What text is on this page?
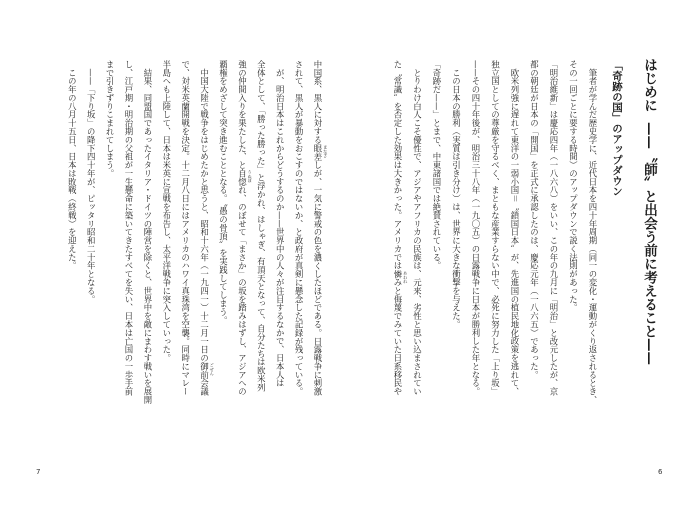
7
中国系、黒人に対する眼差 まなざ
しが、一気に警戒の色を濃くしたほどである。日露戦争に刺激
されて、黒人が暴動をおこすのではないか、と政府が真剣に懸念した記録が残っている。
　が、明治日本はこれからどうするのか——世界中の人々が注目するなかで、日本人は
全体として、「勝った勝った」と浮かれ、はしゃぎ、有頂天となって、自分たちは欧米列
強の仲間入りを果たした、と自惚 うぬぼ
れ、のぼせて「まさか」の坂を踏みはずし、アジアへの
覇権をめざして突き進むこととなる。〝愚の骨頂〟を実践してしまう。
　中国大陸で戦争をはじめたかと思うと、昭和十六年（一九四一）十二月一日の御前 ごぜん
会議
で、対米英蘭開戦を決定。十二月八日にはアメリカのハワイ真珠湾を空襲。同時にマレー
半島へも上陸して、日本は米英に宣戦を布告し、太平洋戦争に突入していった。
　結果、同盟国であったイタリア・ドイツの陣営を除くと、世界中を敵にまわす戦いを展開
し、江戸期・明治期の父祖が一生懸命に築いてきたすべてを失い、日本は亡国の一歩手前
まで引きずりこまれてしまう。
　——「下り坂」の降下四十年が、ピッタリ昭和二十年となる。
　この年の八月十五日、日本は敗戦（終戦）を迎えた。	はじめに——〝師〟と出会う前に考えること——
「奇跡の国」のアップダウン
6
　筆者が学んだ歴史学に、近代日本を四十年周期（同一の変化・運動がくり返されるとき、
その一回ごとに要する時間）のアップダウンで説く法則があった。
「明治維新」は慶応四年（一八六八）をいい、この年の九月に「明治」と改元したが、京
都の朝廷が日本の「開国」を正式に承認したのは、慶応元年（一八六五）であった。
　欧米列強に遅れて東洋の一弱小国＝〝鎖国日本〟が、先進国の植民地化政策を逃れて、
独立国としての尊厳を守るべく、まともな産業すらない中で、必死に努力した「上り坂」
——その四十年後が、明治三十八年（一九〇五）の日露戦争に日本が勝利した年となる。
　この日本の勝利（実質は引き分け）は、世界に大きな衝撃を与えた。
「奇跡だ——」とまで、中東諸国では絶賛されている。
　とりわけ白人こそ優性で、アジアやアフリカの民族は、元来、劣性と思い込まされてい
た〝常識〟を否定した効果は大きかった。アメリカでは憐 あわれ
みと侮蔑でみていた日系移民や
